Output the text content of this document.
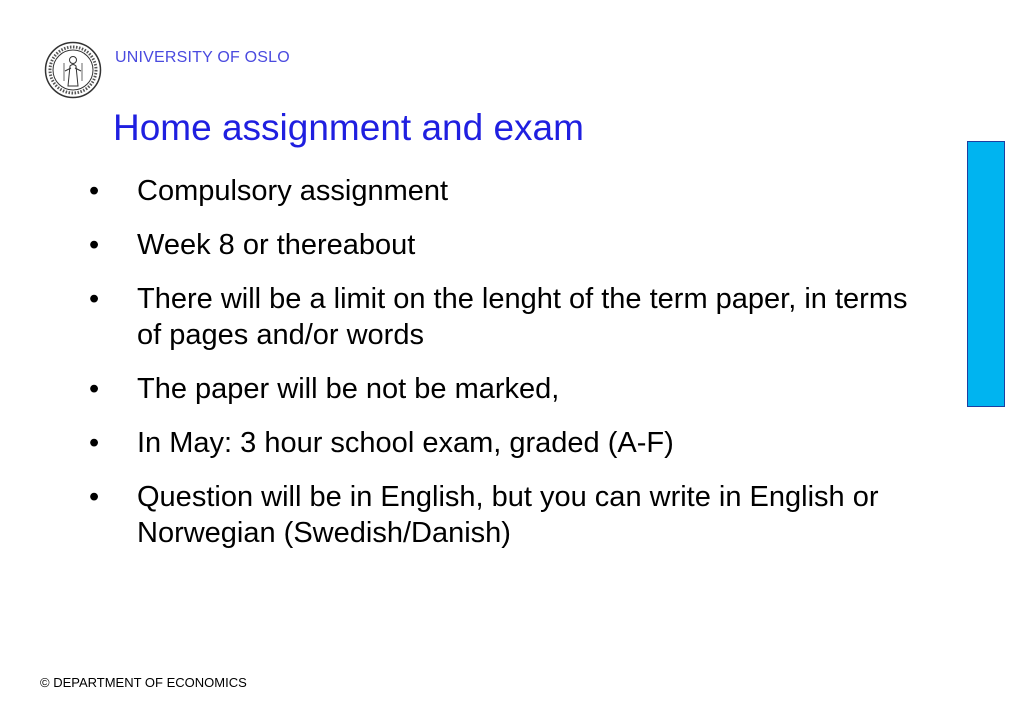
UNIVERSITY OF OSLO
Home assignment and exam
• Compulsory assignment
• Week 8 or thereabout
• There will be a limit on the lenght of the term paper, in terms of pages and/or words
• The paper will be not be marked,
• In May: 3 hour school exam, graded (A-F)
• Question will be in English, but you can write in English or Norwegian (Swedish/Danish)
© DEPARTMENT OF ECONOMICS
